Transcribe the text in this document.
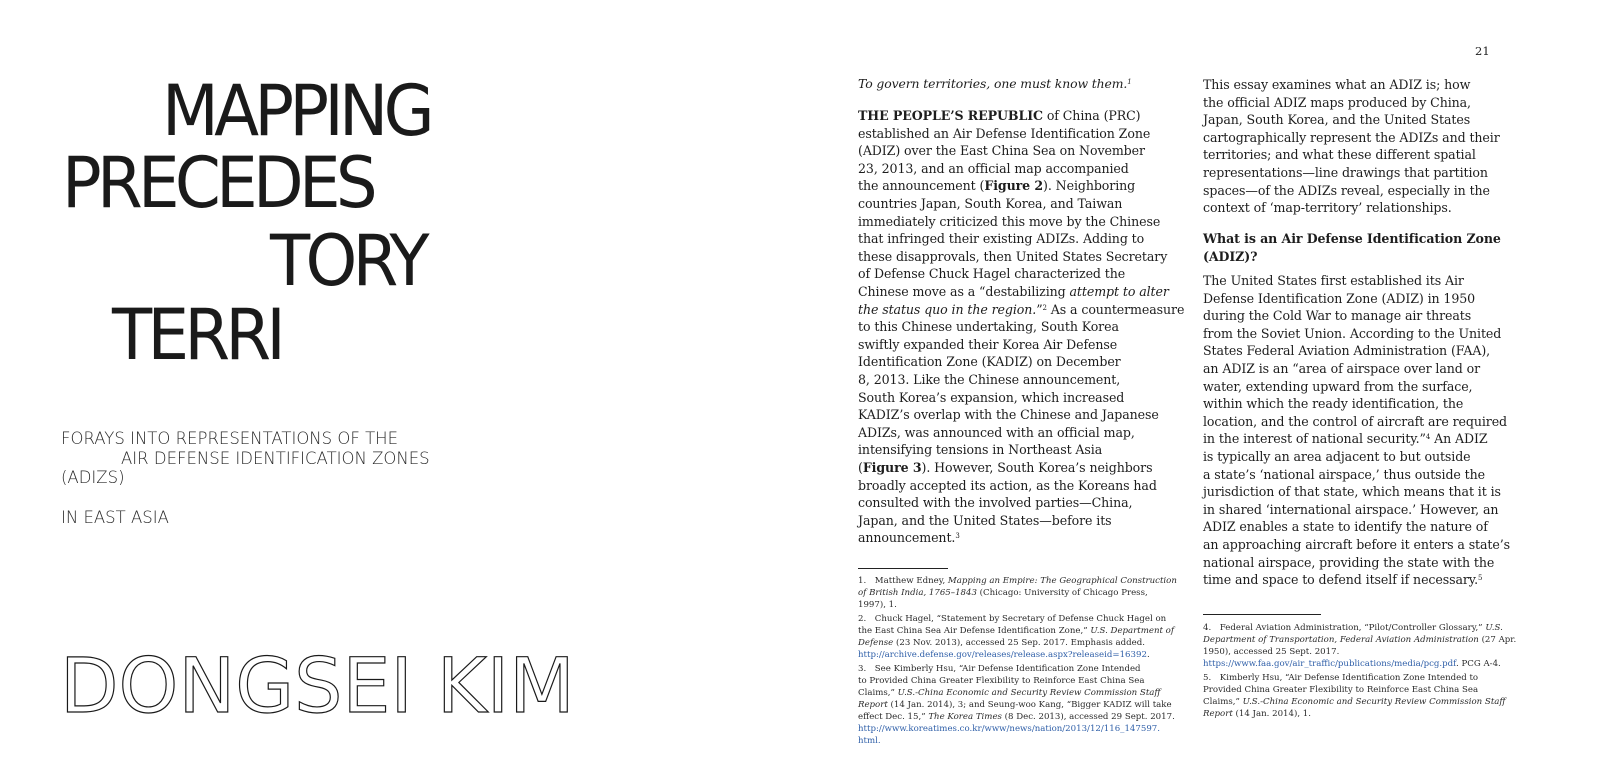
MAPPING
PRECEDES
TORY
TERRI
FORAYS INTO REPRESENTATIONS OF THE
AIR DEFENSE IDENTIFICATION ZONES
(ADIZS)
IN EAST ASIA
DONGSEI KIM
21
To govern territories, one must know them.$^1$
THE PEOPLE’S REPUBLIC of China (PRC)
established an Air Defense Identification Zone
(ADIZ) over the East China Sea on November
23, 2013, and an official map accompanied
the announcement (Figure 2). Neighboring
countries Japan, South Korea, and Taiwan
immediately criticized this move by the Chinese
that infringed their existing ADIZs. Adding to
these disapprovals, then United States Secretary
of Defense Chuck Hagel characterized the
Chinese move as a “destabilizing attempt to alter
the status quo in the region.”$^2$ As a countermeasure
to this Chinese undertaking, South Korea
swiftly expanded their Korea Air Defense
Identification Zone (KADIZ) on December
8, 2013. Like the Chinese announcement,
South Korea’s expansion, which increased
KADIZ’s overlap with the Chinese and Japanese
ADIZs, was announced with an official map,
intensifying tensions in Northeast Asia
(Figure 3). However, South Korea’s neighbors
broadly accepted its action, as the Koreans had
consulted with the involved parties—China,
Japan, and the United States—before its
announcement.$^3$
1. Matthew Edney, Mapping an Empire: The Geographical Construction
of British India, 1765–1843 (Chicago: University of Chicago Press,
1997), 1.
2. Chuck Hagel, “Statement by Secretary of Defense Chuck Hagel on
the East China Sea Air Defense Identification Zone,” U.S. Department of
Defense (23 Nov. 2013), accessed 25 Sep. 2017. Emphasis added.
http://archive.defense.gov/releases/release.aspx?releaseid=16392.
3. See Kimberly Hsu, “Air Defense Identification Zone Intended
to Provided China Greater Flexibility to Reinforce East China Sea
Claims,” U.S.-China Economic and Security Review Commission Staff
Report (14 Jan. 2014), 3; and Seung-woo Kang, “Bigger KADIZ will take
effect Dec. 15,” The Korea Times (8 Dec. 2013), accessed 29 Sept. 2017.
http://www.koreatimes.co.kr/www/news/nation/2013/12/116_147597.
html.
This essay examines what an ADIZ is; how
the official ADIZ maps produced by China,
Japan, South Korea, and the United States
cartographically represent the ADIZs and their
territories; and what these different spatial
representations—line drawings that partition
spaces—of the ADIZs reveal, especially in the
context of ‘map-territory’ relationships.
What is an Air Defense Identification Zone
(ADIZ)?
The United States first established its Air
Defense Identification Zone (ADIZ) in 1950
during the Cold War to manage air threats
from the Soviet Union. According to the United
States Federal Aviation Administration (FAA),
an ADIZ is an “area of airspace over land or
water, extending upward from the surface,
within which the ready identification, the
location, and the control of aircraft are required
in the interest of national security.”$^4$ An ADIZ
is typically an area adjacent to but outside
a state’s ‘national airspace,’ thus outside the
jurisdiction of that state, which means that it is
in shared ‘international airspace.’ However, an
ADIZ enables a state to identify the nature of
an approaching aircraft before it enters a state’s
national airspace, providing the state with the
time and space to defend itself if necessary.$^5$
4. Federal Aviation Administration, “Pilot/Controller Glossary,” U.S.
Department of Transportation, Federal Aviation Administration (27 Apr.
1950), accessed 25 Sept. 2017.
https://www.faa.gov/air_traffic/publications/media/pcg.pdf. PCG A-4.
5. Kimberly Hsu, “Air Defense Identification Zone Intended to
Provided China Greater Flexibility to Reinforce East China Sea
Claims,” U.S.-China Economic and Security Review Commission Staff
Report (14 Jan. 2014), 1.
